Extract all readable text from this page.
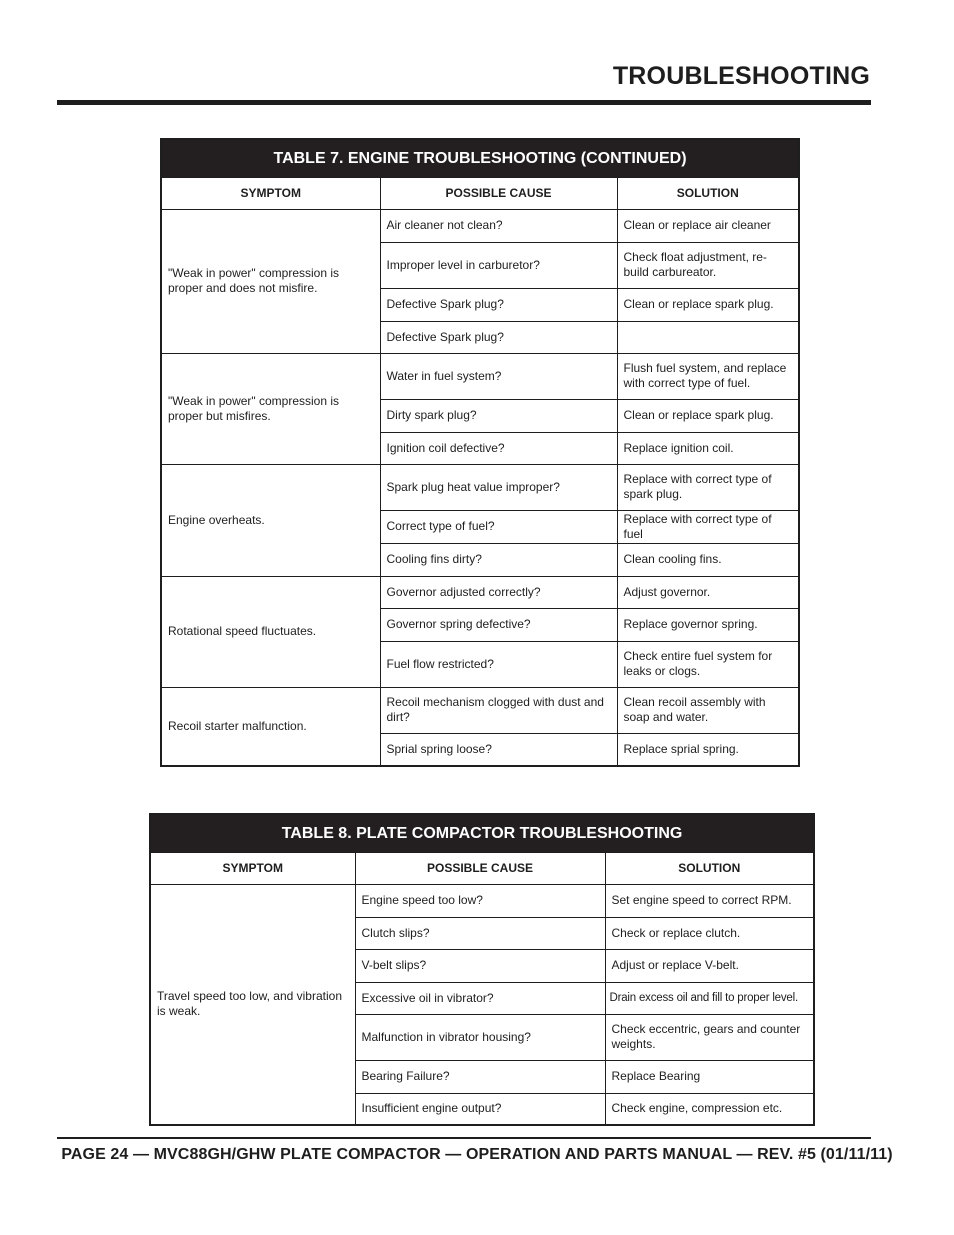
TROUBLESHOOTING
TABLE 7. ENGINE TROUBLESHOOTING (CONTINUED)		
SYMPTOM	POSSIBLE CAUSE	SOLUTION
"Weak in power" compression is proper and does not misfire.	Air cleaner not clean?	Clean or replace air cleaner
	Improper level in carburetor?	Check float adjustment, re-build carbureator.
	Defective Spark plug?	Clean or replace spark plug.
	Defective Spark plug?	
"Weak in power" compression is proper but misfires.	Water in fuel system?	Flush fuel system, and replace with correct type of fuel.
	Dirty spark plug?	Clean or replace spark plug.
	Ignition coil defective?	Replace ignition coil.
Engine overheats.	Spark plug heat value improper?	Replace with correct type of spark plug.
	Correct type of fuel?	Replace with correct type of fuel
	Cooling fins dirty?	Clean cooling fins.
Rotational speed fluctuates.	Governor adjusted correctly?	Adjust governor.
	Governor spring defective?	Replace governor spring.
	Fuel flow restricted?	Check entire fuel system for leaks or clogs.
Recoil starter malfunction.	Recoil mechanism clogged with dust and dirt?	Clean recoil assembly with soap and water.
	Sprial spring loose?	Replace sprial spring.
TABLE 8. PLATE COMPACTOR TROUBLESHOOTING		
SYMPTOM	POSSIBLE CAUSE	SOLUTION
Travel speed too low, and vibration is weak.	Engine speed too low?	Set engine speed to correct RPM.
	Clutch slips?	Check or replace clutch.
	V-belt slips?	Adjust or replace V-belt.
	Excessive oil in vibrator?	Drain excess oil and fill to proper level.
	Malfunction in vibrator housing?	Check eccentric, gears and counter weights.
	Bearing Failure?	Replace Bearing
	Insufficient engine output?	Check engine, compression etc.
PAGE 24 — MVC88GH/GHW PLATE COMPACTOR — OPERATION AND PARTS MANUAL — REV. #5 (01/11/11)
